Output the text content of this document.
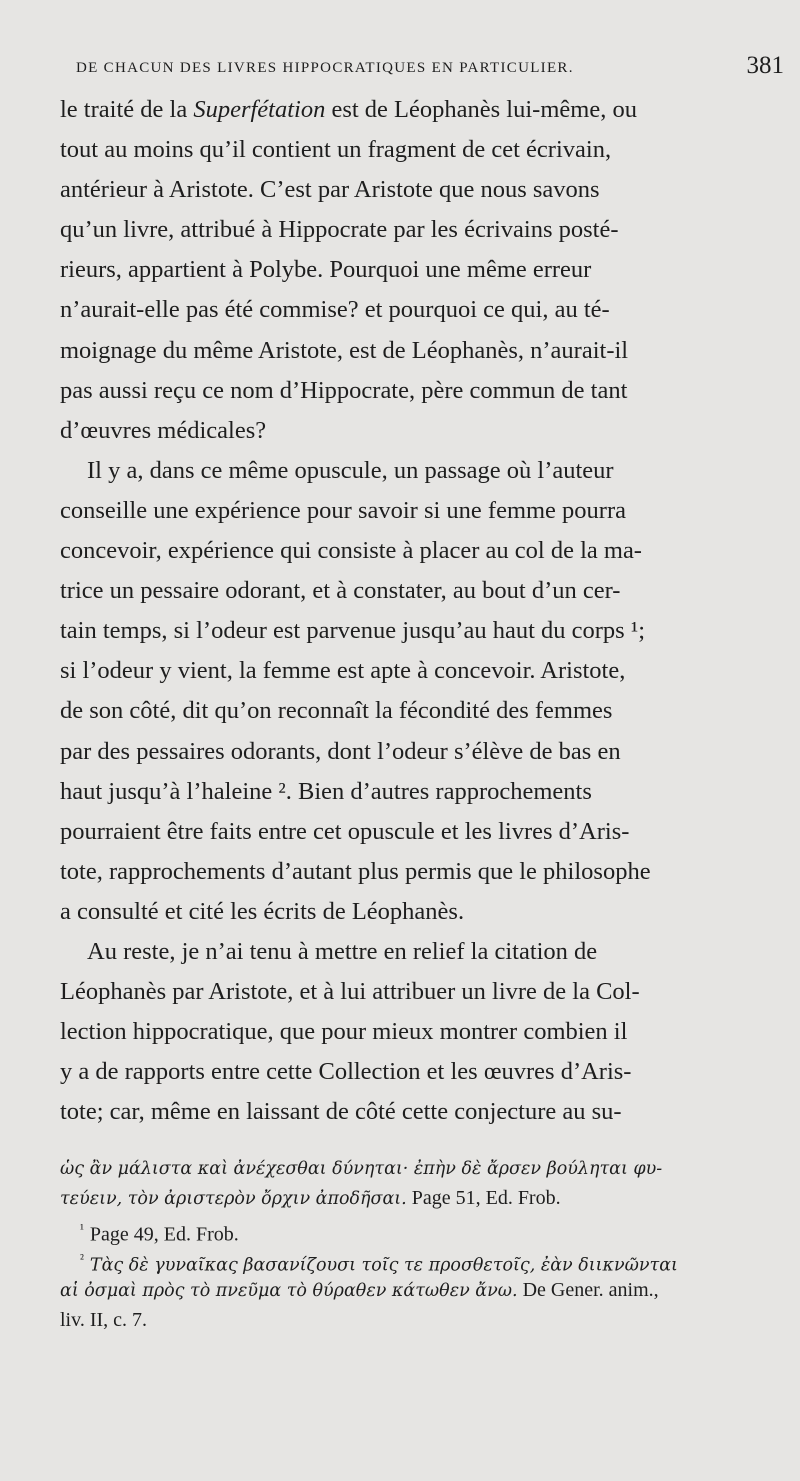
DE CHACUN DES LIVRES HIPPOCRATIQUES EN PARTICULIER.	381
le traité de la Superfétation est de Léophanès lui-même, ou
tout au moins qu’il contient un fragment de cet écrivain,
antérieur à Aristote. C’est par Aristote que nous savons
qu’un livre, attribué à Hippocrate par les écrivains posté-
rieurs, appartient à Polybe. Pourquoi une même erreur
n’aurait-elle pas été commise? et pourquoi ce qui, au té-
moignage du même Aristote, est de Léophanès, n’aurait-il
pas aussi reçu ce nom d’Hippocrate, père commun de tant
d’œuvres médicales?
Il y a, dans ce même opuscule, un passage où l’auteur
conseille une expérience pour savoir si une femme pourra
concevoir, expérience qui consiste à placer au col de la ma-
trice un pessaire odorant, et à constater, au bout d’un cer-
tain temps, si l’odeur est parvenue jusqu’au haut du corps ¹;
si l’odeur y vient, la femme est apte à concevoir. Aristote,
de son côté, dit qu’on reconnaît la fécondité des femmes
par des pessaires odorants, dont l’odeur s’élève de bas en
haut jusqu’à l’haleine ². Bien d’autres rapprochements
pourraient être faits entre cet opuscule et les livres d’Aris-
tote, rapprochements d’autant plus permis que le philosophe
a consulté et cité les écrits de Léophanès.
Au reste, je n’ai tenu à mettre en relief la citation de
Léophanès par Aristote, et à lui attribuer un livre de la Col-
lection hippocratique, que pour mieux montrer combien il
y a de rapports entre cette Collection et les œuvres d’Aris-
tote; car, même en laissant de côté cette conjecture au su-
ὡς ἂν μάλιστα καὶ ἀνέχεσθαι δύνηται· ἐπὴν δὲ ἄρσεν βούληται φυ-
τεύειν, τὸν ἀριστερὸν ὄρχιν ἀποδῆσαι. Page 51, Ed. Frob.
$^{^1}$ Page 49, Ed. Frob.
$^{^2}$ Τὰς δὲ γυναῖκας βασανίζουσι τοῖς τε προσθετοῖς, ἐὰν διικνῶνται
αἱ ὀσμαὶ πρὸς τὸ πνεῦμα τὸ θύραθεν κάτωθεν ἄνω. De Gener. anim.,
liv. II, c. 7.
